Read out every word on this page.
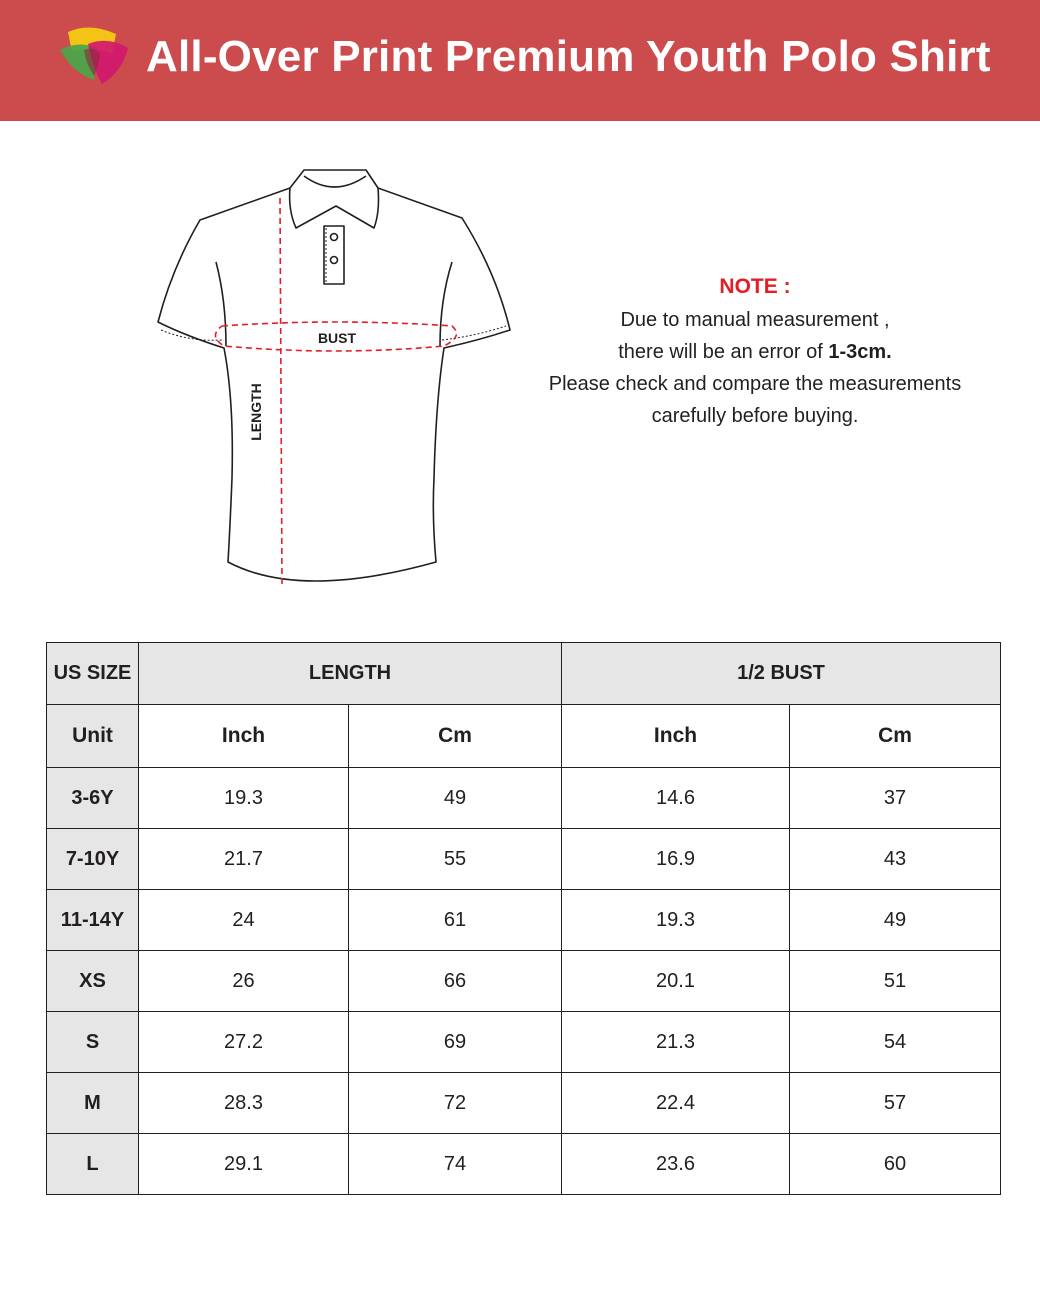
All-Over Print Premium Youth Polo Shirt
BUST
LENGTH
NOTE :
Due to manual measurement ,
there will be an error of 1-3cm.
Please check and compare the measurements
carefully before buying.
US SIZE	LENGTH		1/2 BUST	
Unit	Inch	Cm	Inch	Cm
3-6Y	19.3	49	14.6	37
7-10Y	21.7	55	16.9	43
11-14Y	24	61	19.3	49
XS	26	66	20.1	51
S	27.2	69	21.3	54
M	28.3	72	22.4	57
L	29.1	74	23.6	60
